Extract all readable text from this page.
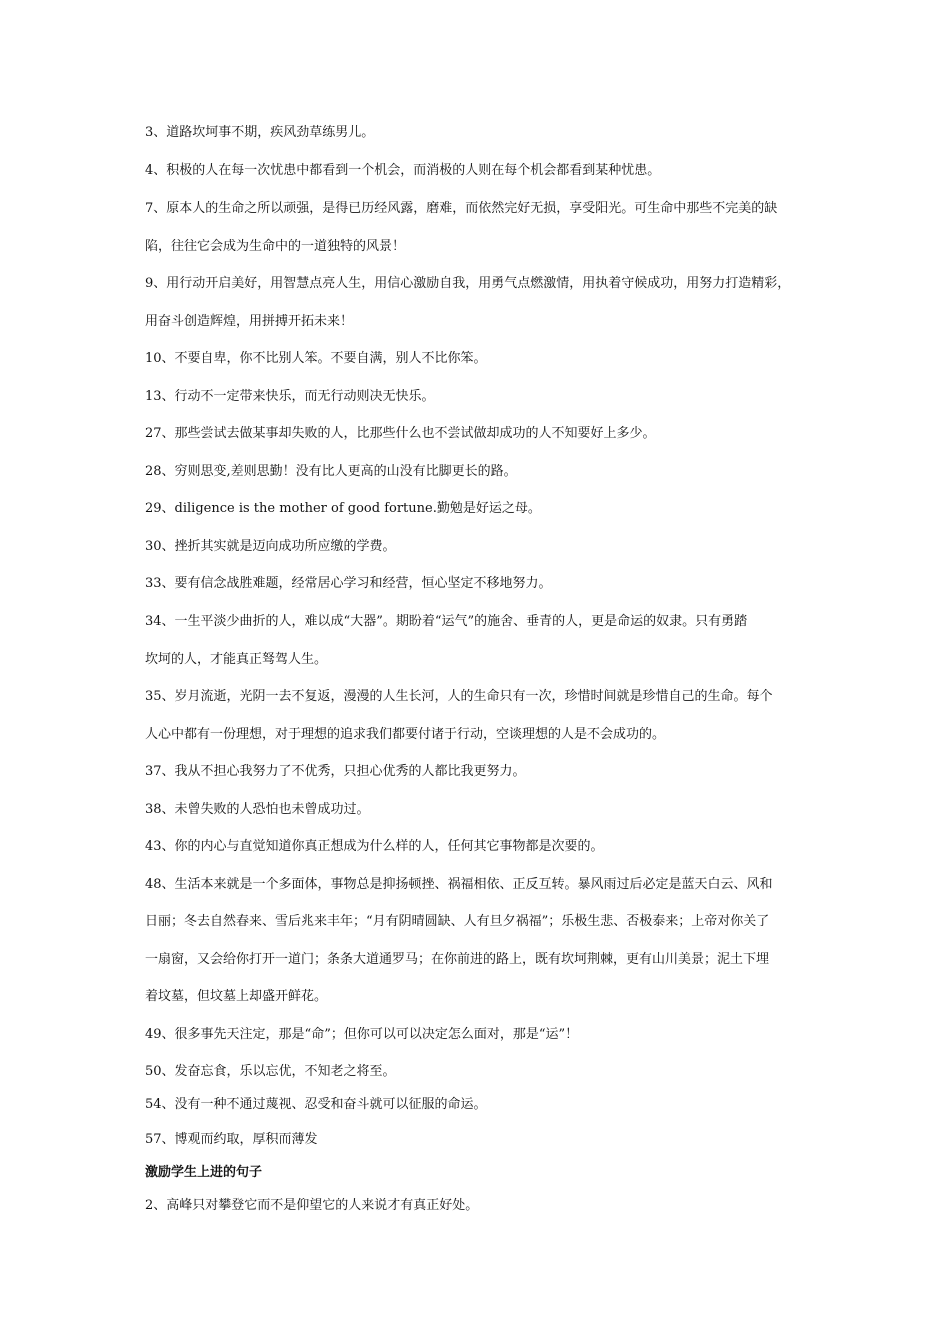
3、道路坎坷事不期，疾风劲草练男儿。
4、积极的人在每一次忧患中都看到一个机会，而消极的人则在每个机会都看到某种忧患。
7、原本人的生命之所以顽强，是得已历经风露，磨难，而依然完好无损，享受阳光。可生命中那些不完美的缺
陷，往往它会成为生命中的一道独特的风景！
9、用行动开启美好，用智慧点亮人生，用信心激励自我，用勇气点燃激情，用执着守候成功，用努力打造精彩，
用奋斗创造辉煌，用拼搏开拓未来！
10、不要自卑，你不比别人笨。不要自满，别人不比你笨。
13、行动不一定带来快乐，而无行动则决无快乐。
27、那些尝试去做某事却失败的人，比那些什么也不尝试做却成功的人不知要好上多少。
28、穷则思变,差则思勤！没有比人更高的山没有比脚更长的路。
29、diligence is the mother of good fortune.勤勉是好运之母。
30、挫折其实就是迈向成功所应缴的学费。
33、要有信念战胜难题，经常居心学习和经营，恒心坚定不移地努力。
34、一生平淡少曲折的人，难以成“大器”。期盼着“运气”的施舍、垂青的人，更是命运的奴隶。只有勇踏
坎坷的人，才能真正驽驾人生。
35、岁月流逝，光阴一去不复返，漫漫的人生长河，人的生命只有一次，珍惜时间就是珍惜自己的生命。每个
人心中都有一份理想，对于理想的追求我们都要付诸于行动，空谈理想的人是不会成功的。
37、我从不担心我努力了不优秀，只担心优秀的人都比我更努力。
38、未曾失败的人恐怕也未曾成功过。
43、你的内心与直觉知道你真正想成为什么样的人，任何其它事物都是次要的。
48、生活本来就是一个多面体，事物总是抑扬顿挫、祸福相依、正反互转。暴风雨过后必定是蓝天白云、风和
日丽；冬去自然春来、雪后兆来丰年；“月有阴晴圆缺、人有旦夕祸福”；乐极生悲、否极泰来；上帝对你关了
一扇窗，又会给你打开一道门；条条大道通罗马；在你前进的路上，既有坎坷荆棘，更有山川美景；泥土下埋
着坟墓，但坟墓上却盛开鲜花。
49、很多事先天注定，那是“命”；但你可以可以决定怎么面对，那是“运”！
50、发奋忘食，乐以忘优，不知老之将至。
54、没有一种不通过蔑视、忍受和奋斗就可以征服的命运。
57、博观而约取，厚积而薄发
激励学生上进的句子
2、高峰只对攀登它而不是仰望它的人来说才有真正好处。
